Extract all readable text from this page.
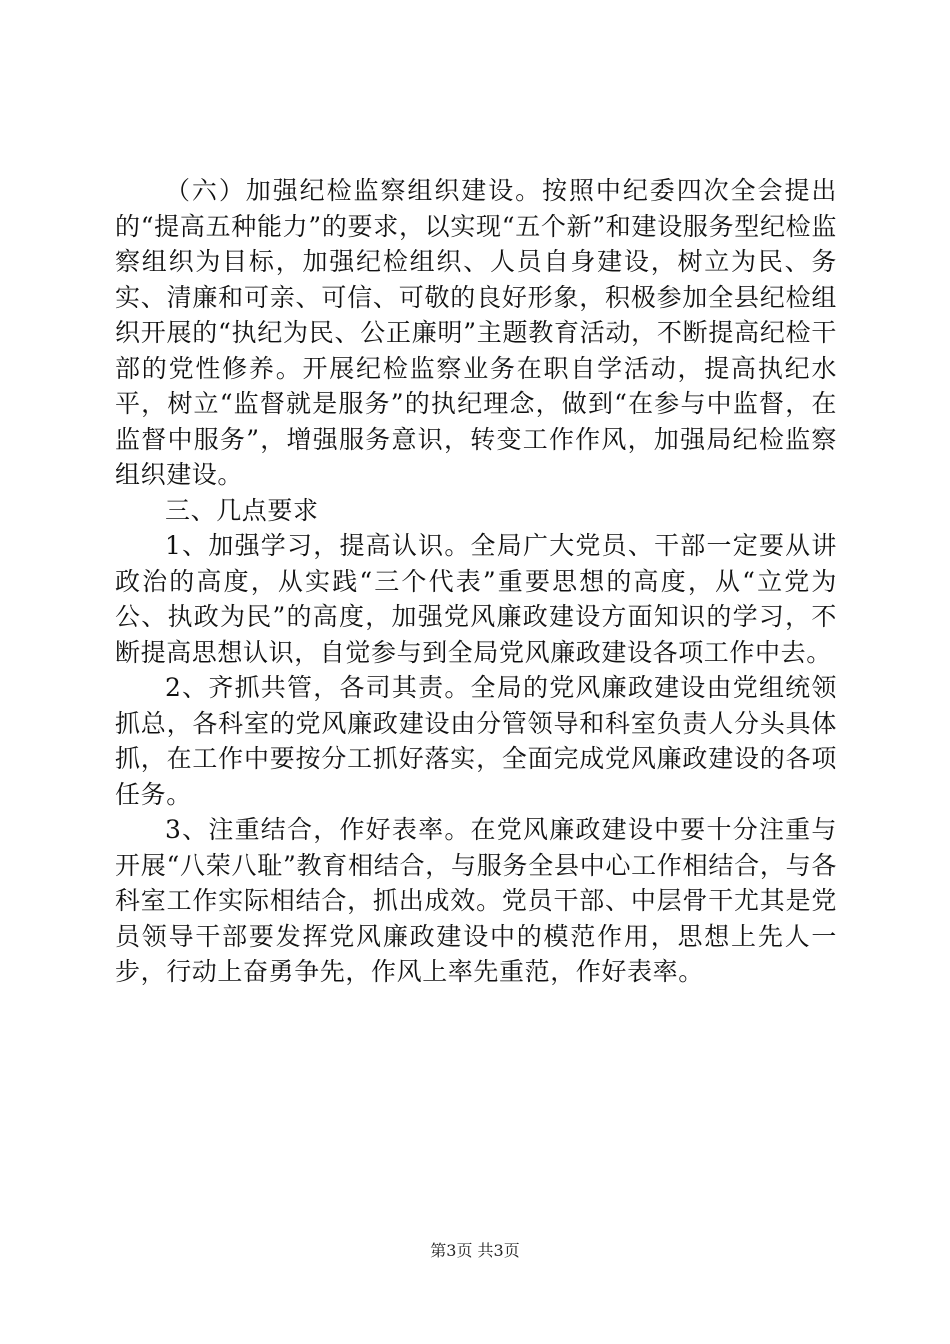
（六）加强纪检监察组织建设。按照中纪委四次全会提出的“提高五种能力”的要求，以实现“五个新”和建设服务型纪检监察组织为目标，加强纪检组织、人员自身建设，树立为民、务实、清廉和可亲、可信、可敬的良好形象，积极参加全县纪检组织开展的“执纪为民、公正廉明”主题教育活动，不断提高纪检干部的党性修养。开展纪检监察业务在职自学活动，提高执纪水平，树立“监督就是服务”的执纪理念，做到“在参与中监督，在监督中服务”，增强服务意识，转变工作作风，加强局纪检监察组织建设。

三、几点要求

1、加强学习，提高认识。全局广大党员、干部一定要从讲政治的高度，从实践“三个代表”重要思想的高度，从“立党为公、执政为民”的高度，加强党风廉政建设方面知识的学习，不断提高思想认识，自觉参与到全局党风廉政建设各项工作中去。

2、齐抓共管，各司其责。全局的党风廉政建设由党组统领抓总，各科室的党风廉政建设由分管领导和科室负责人分头具体抓，在工作中要按分工抓好落实，全面完成党风廉政建设的各项任务。

3、注重结合，作好表率。在党风廉政建设中要十分注重与开展“八荣八耻”教育相结合，与服务全县中心工作相结合，与各科室工作实际相结合，抓出成效。党员干部、中层骨干尤其是党员领导干部要发挥党风廉政建设中的模范作用，思想上先人一步，行动上奋勇争先，作风上率先重范，作好表率。

第3页 共3页
